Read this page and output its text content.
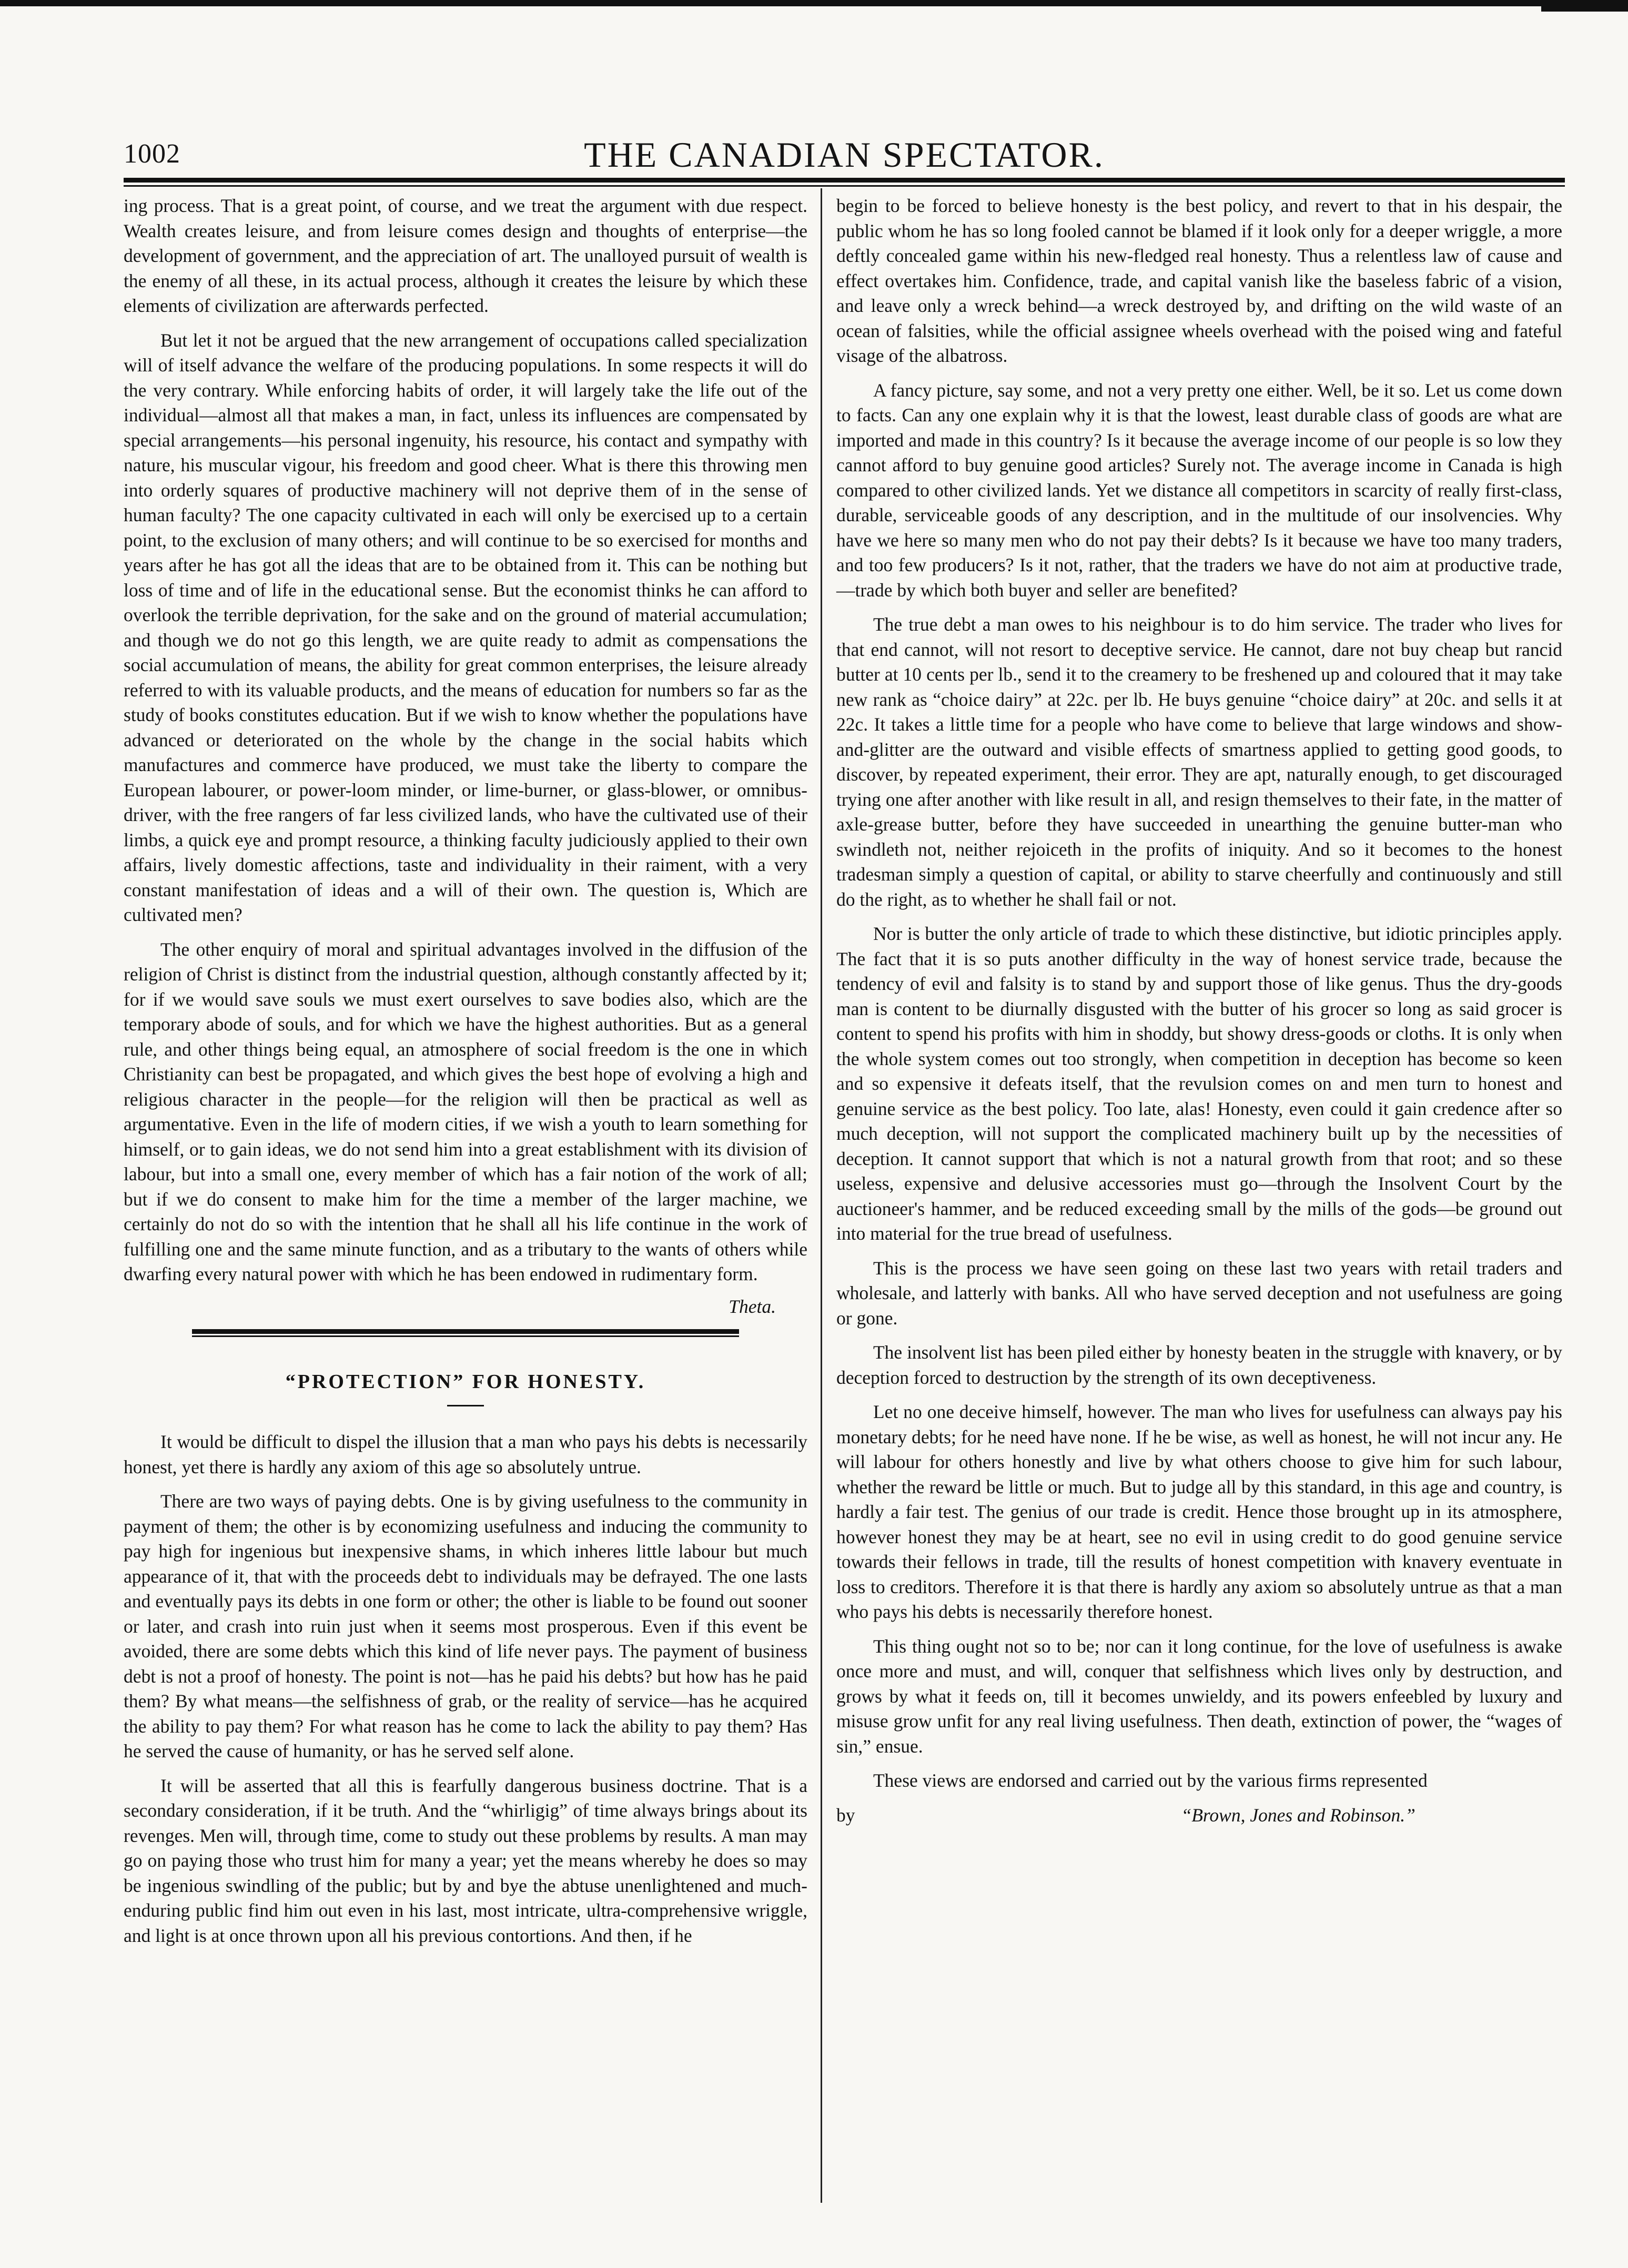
1002	THE CANADIAN SPECTATOR.

ing process. That is a great point, of course, and we treat the argument with due respect. Wealth creates leisure, and from leisure comes design and thoughts of enterprise—the development of government, and the appreciation of art. The unalloyed pursuit of wealth is the enemy of all these, in its actual process, although it creates the leisure by which these elements of civilization are afterwards perfected.

But let it not be argued that the new arrangement of occupations called specialization will of itself advance the welfare of the producing populations. In some respects it will do the very contrary. While enforcing habits of order, it will largely take the life out of the individual—almost all that makes a man, in fact, unless its influences are compensated by special arrangements—his personal ingenuity, his resource, his contact and sympathy with nature, his muscular vigour, his freedom and good cheer. What is there this throwing men into orderly squares of productive machinery will not deprive them of in the sense of human faculty? The one capacity cultivated in each will only be exercised up to a certain point, to the exclusion of many others; and will continue to be so exercised for months and years after he has got all the ideas that are to be obtained from it. This can be nothing but loss of time and of life in the educational sense. But the economist thinks he can afford to overlook the terrible deprivation, for the sake and on the ground of material accumulation; and though we do not go this length, we are quite ready to admit as compensations the social accumulation of means, the ability for great common enterprises, the leisure already referred to with its valuable products, and the means of education for numbers so far as the study of books constitutes education. But if we wish to know whether the populations have advanced or deteriorated on the whole by the change in the social habits which manufactures and commerce have produced, we must take the liberty to compare the European labourer, or power-loom minder, or lime-burner, or glass-blower, or omnibus-driver, with the free rangers of far less civilized lands, who have the cultivated use of their limbs, a quick eye and prompt resource, a thinking faculty judiciously applied to their own affairs, lively domestic affections, taste and individuality in their raiment, with a very constant manifestation of ideas and a will of their own. The question is, Which are cultivated men?

The other enquiry of moral and spiritual advantages involved in the diffusion of the religion of Christ is distinct from the industrial question, although constantly affected by it; for if we would save souls we must exert ourselves to save bodies also, which are the temporary abode of souls, and for which we have the highest authorities. But as a general rule, and other things being equal, an atmosphere of social freedom is the one in which Christianity can best be propagated, and which gives the best hope of evolving a high and religious character in the people—for the religion will then be practical as well as argumentative. Even in the life of modern cities, if we wish a youth to learn something for himself, or to gain ideas, we do not send him into a great establishment with its division of labour, but into a small one, every member of which has a fair notion of the work of all; but if we do consent to make him for the time a member of the larger machine, we certainly do not do so with the intention that he shall all his life continue in the work of fulfilling one and the same minute function, and as a tributary to the wants of others while dwarfing every natural power with which he has been endowed in rudimentary form.

Theta.
“PROTECTION” FOR HONESTY.

It would be difficult to dispel the illusion that a man who pays his debts is necessarily honest, yet there is hardly any axiom of this age so absolutely untrue.

There are two ways of paying debts. One is by giving usefulness to the community in payment of them; the other is by economizing usefulness and inducing the community to pay high for ingenious but inexpensive shams, in which inheres little labour but much appearance of it, that with the proceeds debt to individuals may be defrayed. The one lasts and eventually pays its debts in one form or other; the other is liable to be found out sooner or later, and crash into ruin just when it seems most prosperous. Even if this event be avoided, there are some debts which this kind of life never pays. The payment of business debt is not a proof of honesty. The point is not—has he paid his debts? but how has he paid them? By what means—the selfishness of grab, or the reality of service—has he acquired the ability to pay them? For what reason has he come to lack the ability to pay them? Has he served the cause of humanity, or has he served self alone.

It will be asserted that all this is fearfully dangerous business doctrine. That is a secondary consideration, if it be truth. And the “whirligig” of time always brings about its revenges. Men will, through time, come to study out these problems by results. A man may go on paying those who trust him for many a year; yet the means whereby he does so may be ingenious swindling of the public; but by and bye the abtuse unenlightened and much-enduring public find him out even in his last, most intricate, ultra-comprehensive wriggle, and light is at once thrown upon all his previous contortions. And then, if he

begin to be forced to believe honesty is the best policy, and revert to that in his despair, the public whom he has so long fooled cannot be blamed if it look only for a deeper wriggle, a more deftly concealed game within his new-fledged real honesty. Thus a relentless law of cause and effect overtakes him. Confidence, trade, and capital vanish like the baseless fabric of a vision, and leave only a wreck behind—a wreck destroyed by, and drifting on the wild waste of an ocean of falsities, while the official assignee wheels overhead with the poised wing and fateful visage of the albatross.

A fancy picture, say some, and not a very pretty one either. Well, be it so. Let us come down to facts. Can any one explain why it is that the lowest, least durable class of goods are what are imported and made in this country? Is it because the average income of our people is so low they cannot afford to buy genuine good articles? Surely not. The average income in Canada is high compared to other civilized lands. Yet we distance all competitors in scarcity of really first-class, durable, serviceable goods of any description, and in the multitude of our insolvencies. Why have we here so many men who do not pay their debts? Is it because we have too many traders, and too few producers? Is it not, rather, that the traders we have do not aim at productive trade,—trade by which both buyer and seller are benefited?

The true debt a man owes to his neighbour is to do him service. The trader who lives for that end cannot, will not resort to deceptive service. He cannot, dare not buy cheap but rancid butter at 10 cents per lb., send it to the creamery to be freshened up and coloured that it may take new rank as “choice dairy” at 22c. per lb. He buys genuine “choice dairy” at 20c. and sells it at 22c. It takes a little time for a people who have come to believe that large windows and show-and-glitter are the outward and visible effects of smartness applied to getting good goods, to discover, by repeated experiment, their error. They are apt, naturally enough, to get discouraged trying one after another with like result in all, and resign themselves to their fate, in the matter of axle-grease butter, before they have succeeded in unearthing the genuine butter-man who swindleth not, neither rejoiceth in the profits of iniquity. And so it becomes to the honest tradesman simply a question of capital, or ability to starve cheerfully and continuously and still do the right, as to whether he shall fail or not.

Nor is butter the only article of trade to which these distinctive, but idiotic principles apply. The fact that it is so puts another difficulty in the way of honest service trade, because the tendency of evil and falsity is to stand by and support those of like genus. Thus the dry-goods man is content to be diurnally disgusted with the butter of his grocer so long as said grocer is content to spend his profits with him in shoddy, but showy dress-goods or cloths. It is only when the whole system comes out too strongly, when competition in deception has become so keen and so expensive it defeats itself, that the revulsion comes on and men turn to honest and genuine service as the best policy. Too late, alas! Honesty, even could it gain credence after so much deception, will not support the complicated machinery built up by the necessities of deception. It cannot support that which is not a natural growth from that root; and so these useless, expensive and delusive accessories must go—through the Insolvent Court by the auctioneer's hammer, and be reduced exceeding small by the mills of the gods—be ground out into material for the true bread of usefulness.

This is the process we have seen going on these last two years with retail traders and wholesale, and latterly with banks. All who have served deception and not usefulness are going or gone.

The insolvent list has been piled either by honesty beaten in the struggle with knavery, or by deception forced to destruction by the strength of its own deceptiveness.

Let no one deceive himself, however. The man who lives for usefulness can always pay his monetary debts; for he need have none. If he be wise, as well as honest, he will not incur any. He will labour for others honestly and live by what others choose to give him for such labour, whether the reward be little or much. But to judge all by this standard, in this age and country, is hardly a fair test. The genius of our trade is credit. Hence those brought up in its atmosphere, however honest they may be at heart, see no evil in using credit to do good genuine service towards their fellows in trade, till the results of honest competition with knavery eventuate in loss to creditors. Therefore it is that there is hardly any axiom so absolutely untrue as that a man who pays his debts is necessarily therefore honest.

This thing ought not so to be; nor can it long continue, for the love of usefulness is awake once more and must, and will, conquer that selfishness which lives only by destruction, and grows by what it feeds on, till it becomes unwieldy, and its powers enfeebled by luxury and misuse grow unfit for any real living usefulness. Then death, extinction of power, the “wages of sin,” ensue.

These views are endorsed and carried out by the various firms represented

by	“Brown, Jones and Robinson.”
